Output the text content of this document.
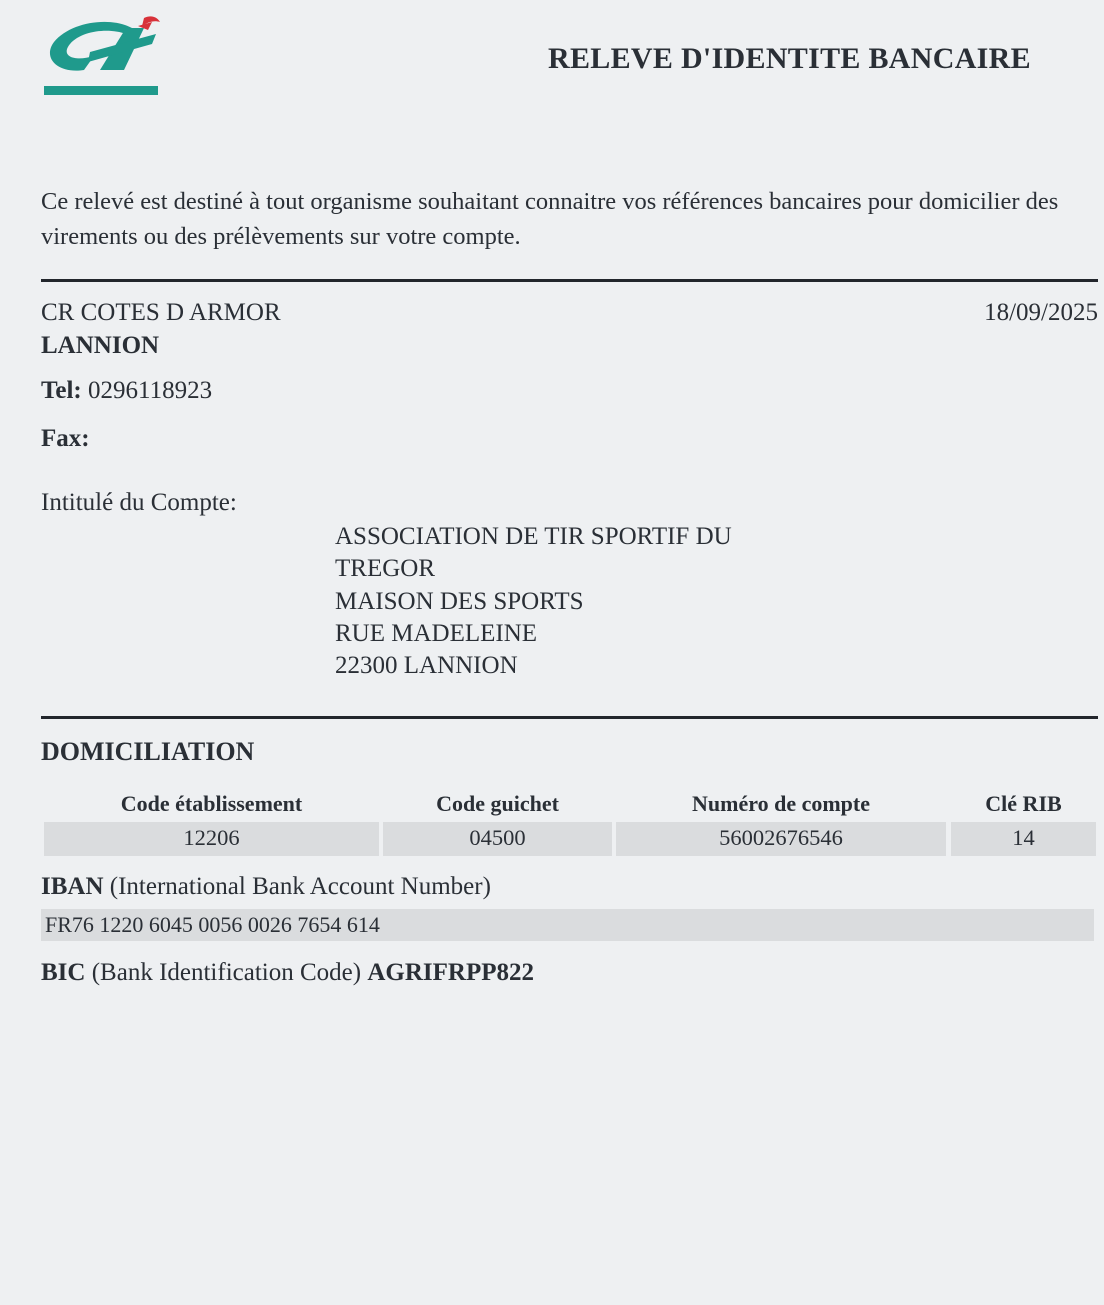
RELEVE D'IDENTITE BANCAIRE
Ce relevé est destiné à tout organisme souhaitant connaitre vos références bancaires pour domicilier des virements ou des prélèvements sur votre compte.
CR COTES D ARMOR
LANNION
18/09/2025
Tel: 0296118923
Fax:
Intitulé du Compte:
ASSOCIATION DE TIR SPORTIF DU
TREGOR
MAISON DES SPORTS
RUE MADELEINE
22300 LANNION
DOMICILIATION
Code établissement	Code guichet	Numéro de compte	Clé RIB
12206	04500	56002676546	14
IBAN (International Bank Account Number)
FR76 1220 6045 0056 0026 7654 614
BIC (Bank Identification Code) AGRIFRPP822
